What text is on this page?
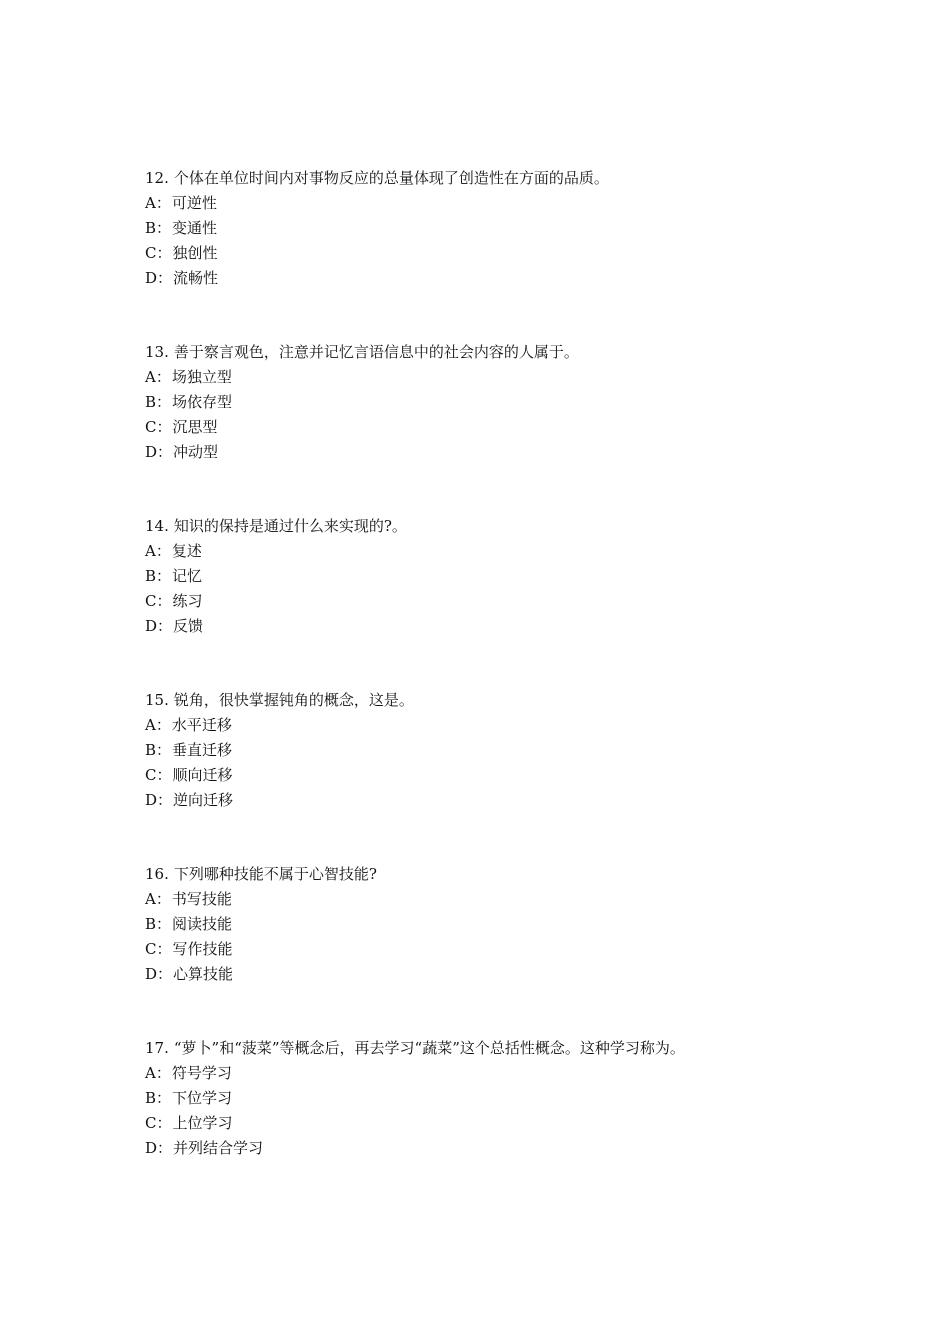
12. 个体在单位时间内对事物反应的总量体现了创造性在方面的品质。
A：可逆性
B：变通性
C：独创性
D：流畅性
13. 善于察言观色，注意并记忆言语信息中的社会内容的人属于。
A：场独立型
B：场依存型
C：沉思型
D：冲动型
14. 知识的保持是通过什么来实现的?。
A：复述
B：记忆
C：练习
D：反馈
15. 锐角，很快掌握钝角的概念，这是。
A：水平迁移
B：垂直迁移
C：顺向迁移
D：逆向迁移
16. 下列哪种技能不属于心智技能?
A：书写技能
B：阅读技能
C：写作技能
D：心算技能
17. “萝卜”和“菠菜”等概念后，再去学习“蔬菜”这个总括性概念。这种学习称为。
A：符号学习
B：下位学习
C：上位学习
D：并列结合学习
